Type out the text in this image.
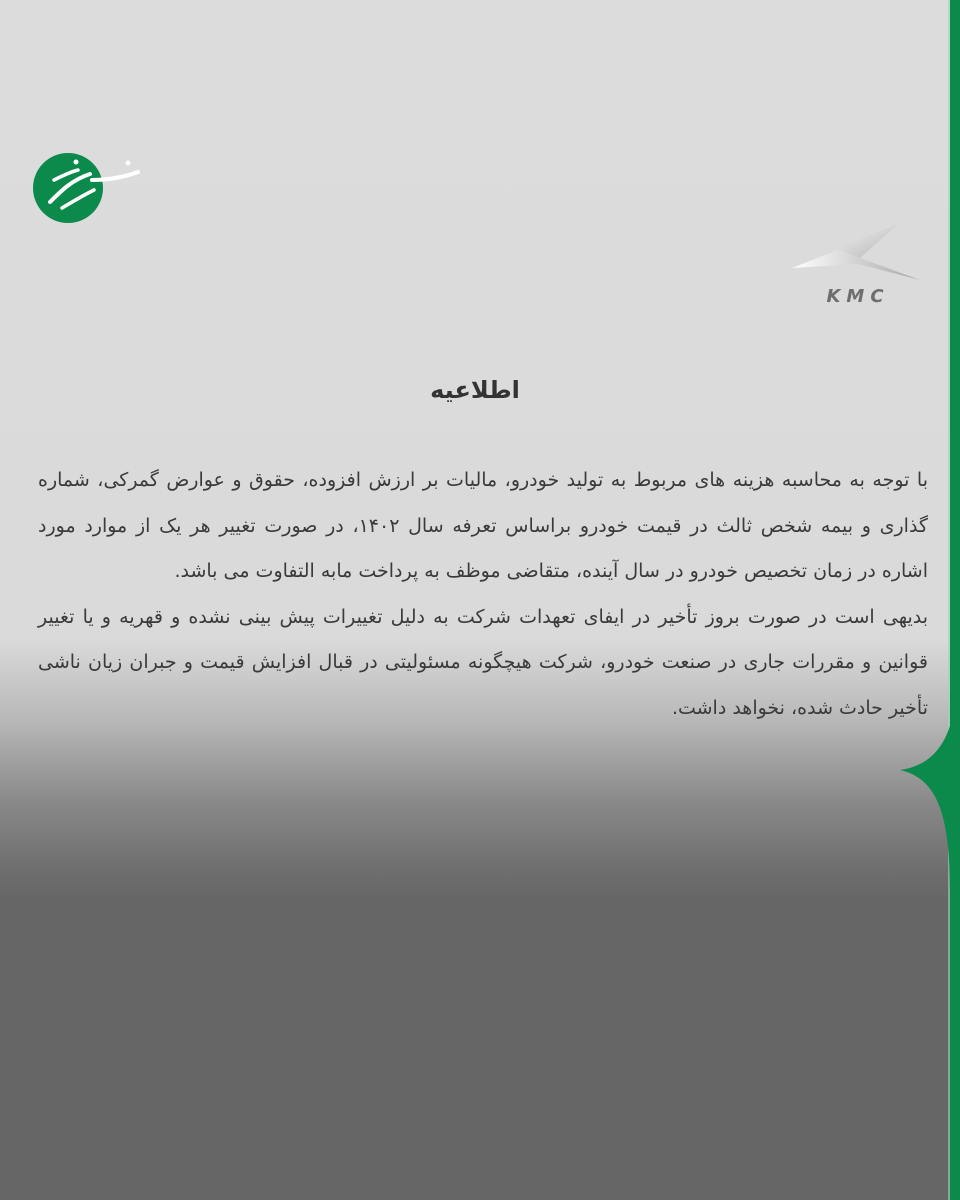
KMC
اطلاعیه

با توجه به محاسبه هزینه های مربوط به تولید خودرو، مالیات بر ارزش افزوده، حقوق و عوارض گمرکی، شماره گذاری و بیمه شخص ثالث در قیمت خودرو براساس تعرفه سال ۱۴۰۲، در صورت تغییر هر یک از موارد مورد اشاره در زمان تخصیص خودرو در سال آینده، متقاضی موظف به پرداخت مابه التفاوت می باشد.

بدیهی است در صورت بروز تأخیر در ایفای تعهدات شرکت به دلیل تغییرات پیش بینی نشده و قهریه و یا تغییر قوانین و مقررات جاری در صنعت خودرو، شرکت هیچگونه مسئولیتی در قبال افزایش قیمت و جبران زیان ناشی تأخیر حادث شده، نخواهد داشت.
